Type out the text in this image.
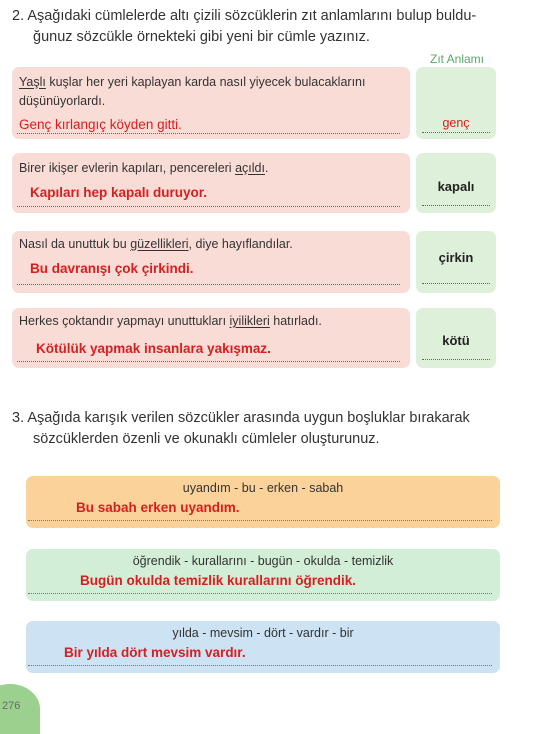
2. Aşağıdaki cümlelerde altı çizili sözcüklerin zıt anlamlarını bulup buldu-
ğunuz sözcükle örnekteki gibi yeni bir cümle yazınız.
Zıt Anlamı
Yaşlı kuşlar her yeri kaplayan karda nasıl yiyecek bulacaklarını
düşünüyorlardı.
Genç kırlangıç köyden gitti.	genç
Birer ikişer evlerin kapıları, pencereleri açıldı.
Kapıları hep kapalı duruyor.	kapalı
Nasıl da unuttuk bu güzellikleri, diye hayıflandılar.
Bu davranışı çok çirkindi.
çirkin
Herkes çoktandır yapmayı unuttukları iyilikleri hatırladı.
Kötülük yapmak insanlara yakışmaz.
kötü
3. Aşağıda karışık verilen sözcükler arasında uygun boşluklar bırakarak
sözcüklerden özenli ve okunaklı cümleler oluşturunuz.
uyandım - bu - erken - sabah
Bu sabah erken uyandım.
öğrendik - kurallarını - bugün - okulda - temizlik
Bugün okulda temizlik kurallarını öğrendik.
yılda - mevsim - dört - vardır - bir
Bir yılda dört mevsim vardır.
276
